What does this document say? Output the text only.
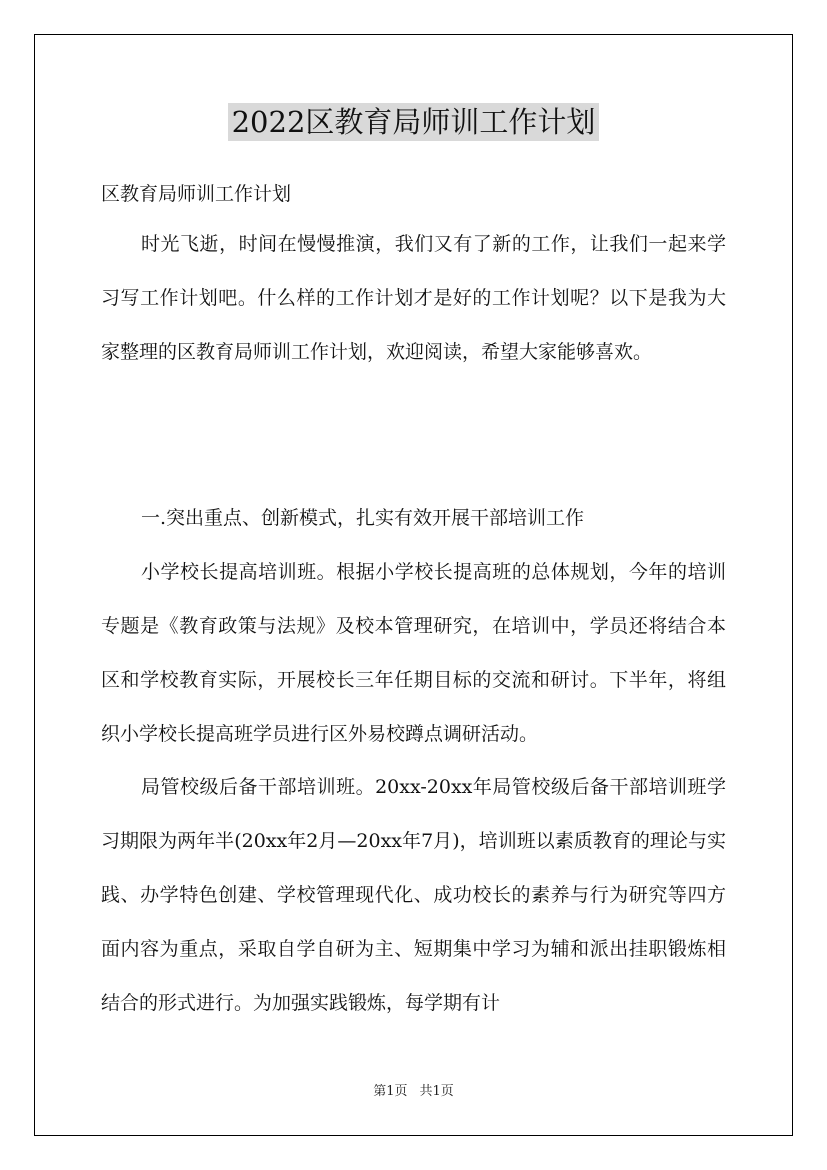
2022区教育局师训工作计划

区教育局师训工作计划

时光飞逝，时间在慢慢推演，我们又有了新的工作，让我们一起来学习写工作计划吧。什么样的工作计划才是好的工作计划呢？以下是我为大家整理的区教育局师训工作计划，欢迎阅读，希望大家能够喜欢。

一.突出重点、创新模式，扎实有效开展干部培训工作

小学校长提高培训班。根据小学校长提高班的总体规划，今年的培训专题是《教育政策与法规》及校本管理研究，在培训中，学员还将结合本区和学校教育实际，开展校长三年任期目标的交流和研讨。下半年，将组织小学校长提高班学员进行区外易校蹲点调研活动。

局管校级后备干部培训班。20xx-20xx年局管校级后备干部培训班学习期限为两年半(20xx年2月—20xx年7月)，培训班以素质教育的理论与实践、办学特色创建、学校管理现代化、成功校长的素养与行为研究等四方面内容为重点，采取自学自研为主、短期集中学习为辅和派出挂职锻炼相结合的形式进行。为加强实践锻炼，每学期有计

第1页 共1页
